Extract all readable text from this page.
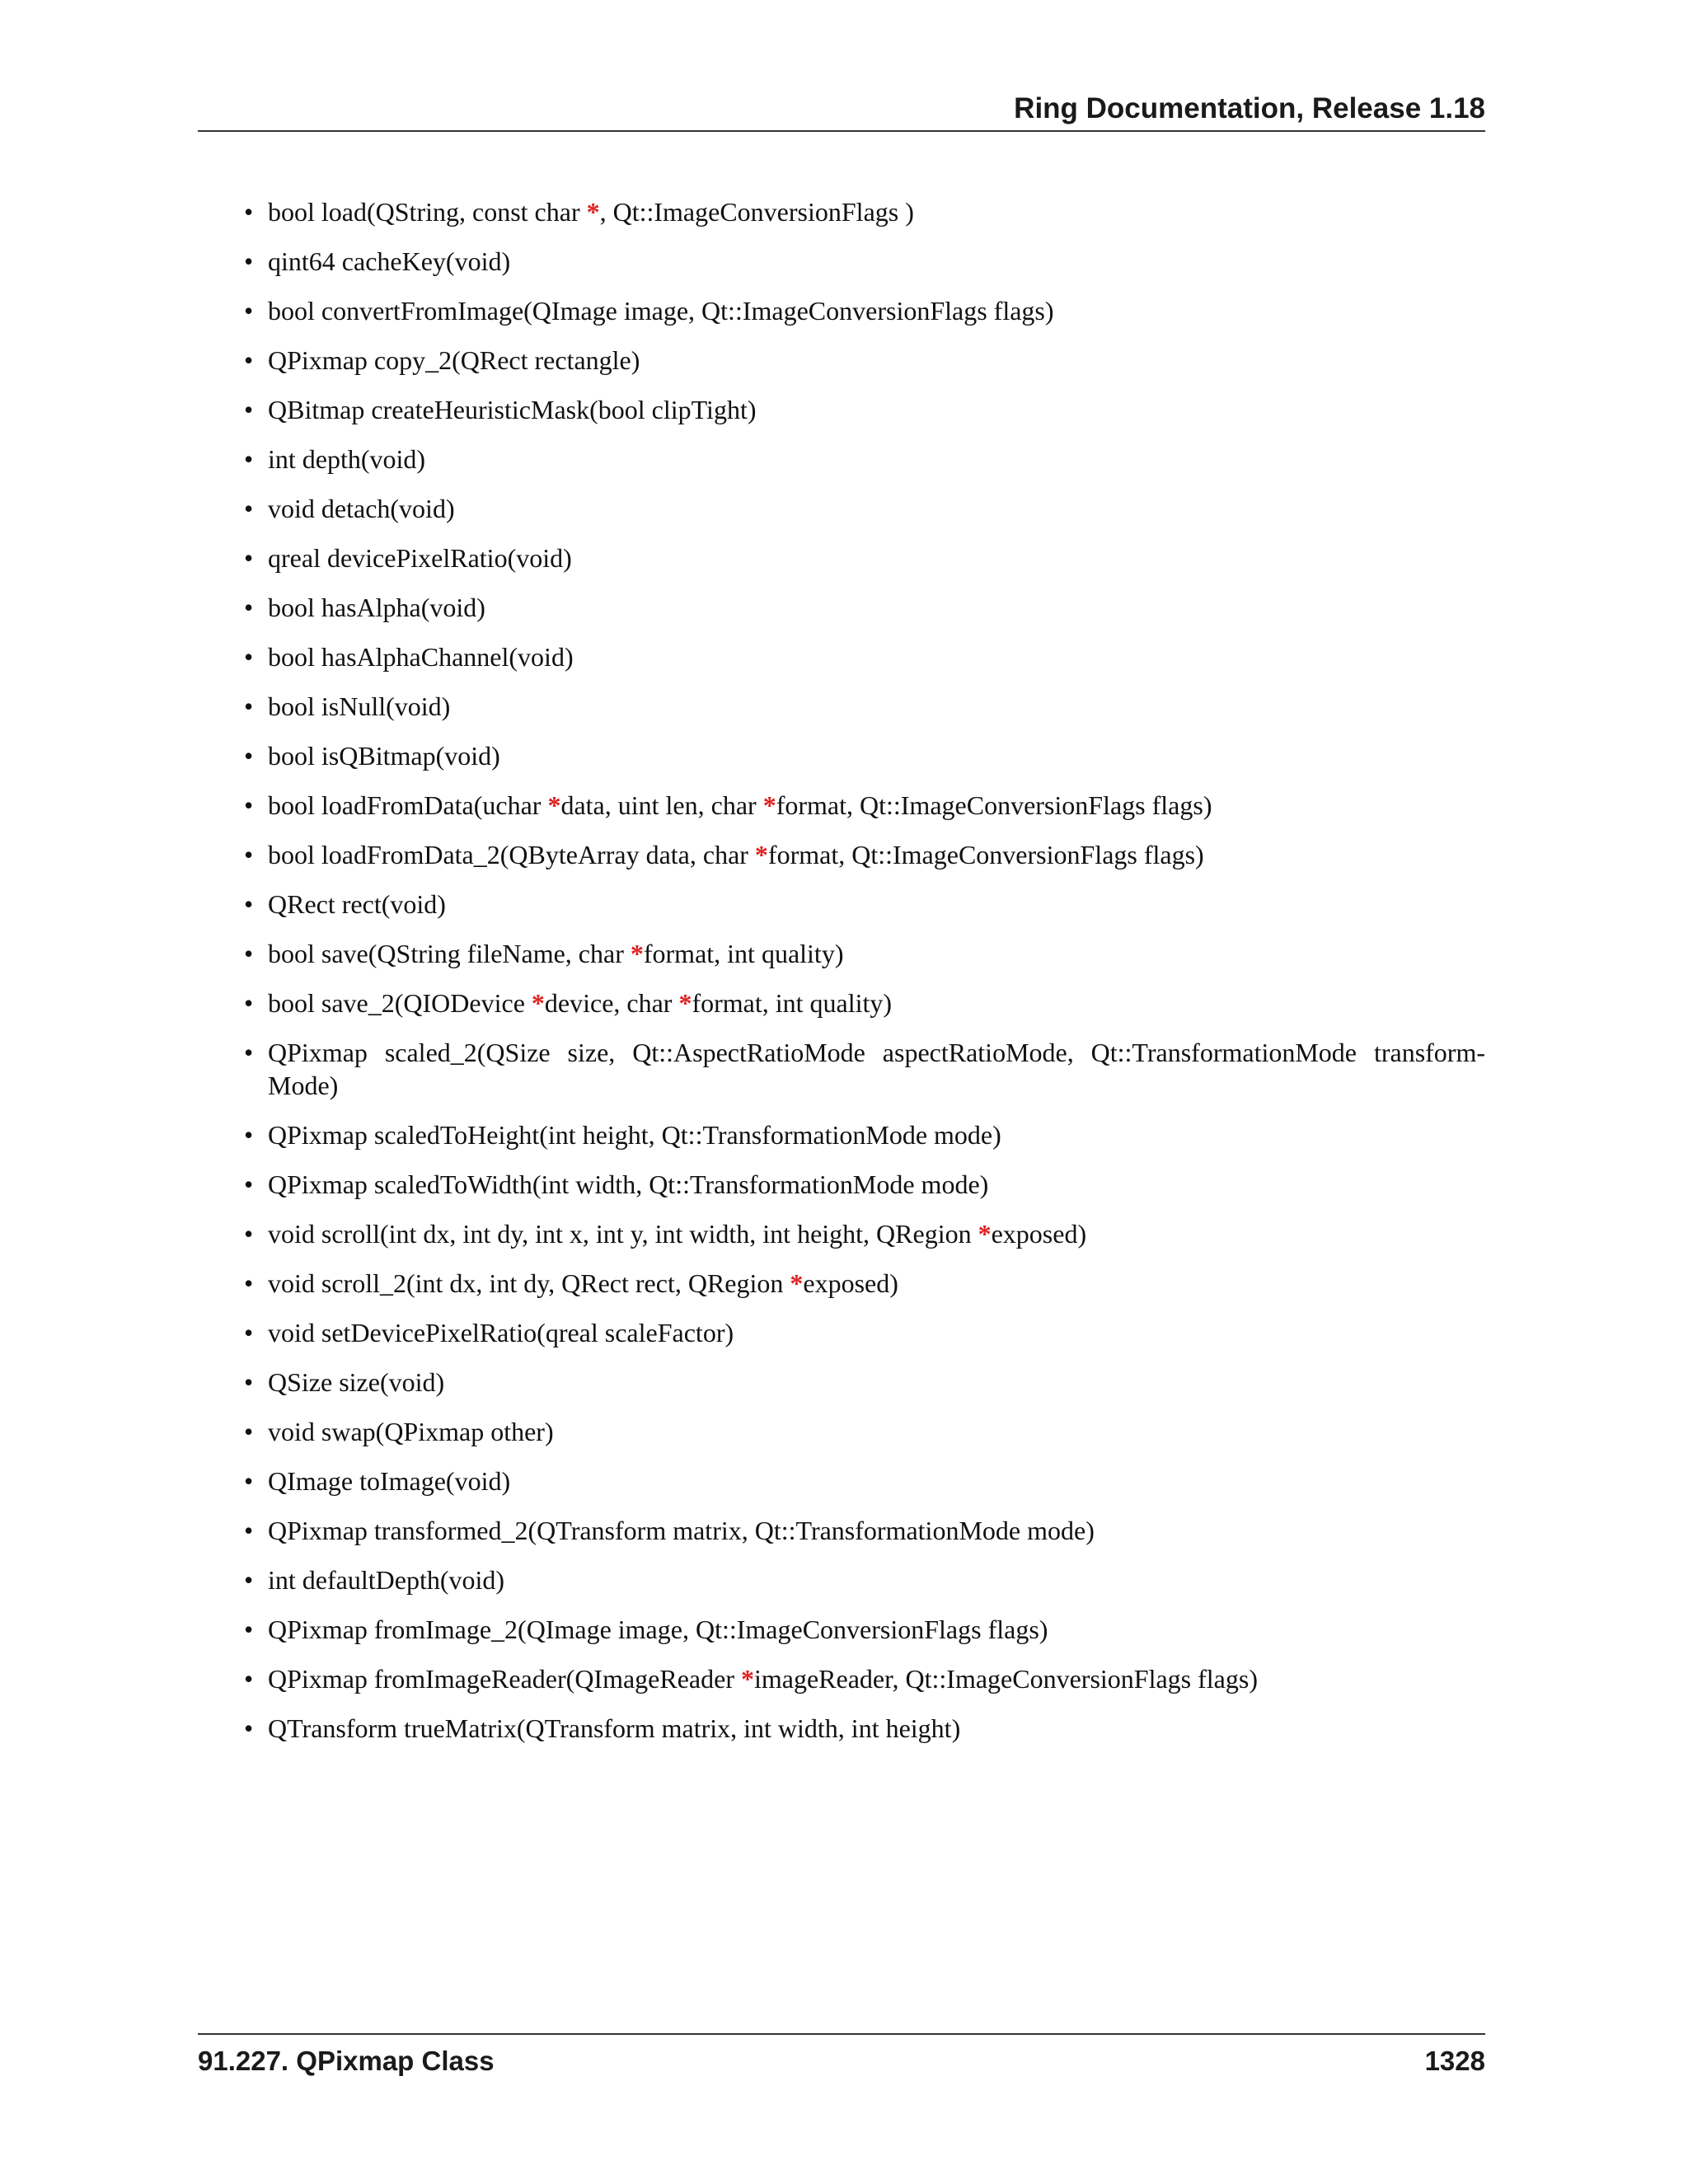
Ring Documentation, Release 1.18
• bool load(QString, const char *, Qt::ImageConversionFlags )
• qint64 cacheKey(void)
• bool convertFromImage(QImage image, Qt::ImageConversionFlags flags)
• QPixmap copy_2(QRect rectangle)
• QBitmap createHeuristicMask(bool clipTight)
• int depth(void)
• void detach(void)
• qreal devicePixelRatio(void)
• bool hasAlpha(void)
• bool hasAlphaChannel(void)
• bool isNull(void)
• bool isQBitmap(void)
• bool loadFromData(uchar *data, uint len, char *format, Qt::ImageConversionFlags flags)
• bool loadFromData_2(QByteArray data, char *format, Qt::ImageConversionFlags flags)
• QRect rect(void)
• bool save(QString fileName, char *format, int quality)
• bool save_2(QIODevice *device, char *format, int quality)
• QPixmap scaled_2(QSize size, Qt::AspectRatioMode aspectRatioMode, Qt::TransformationMode transform-Mode)
• QPixmap scaledToHeight(int height, Qt::TransformationMode mode)
• QPixmap scaledToWidth(int width, Qt::TransformationMode mode)
• void scroll(int dx, int dy, int x, int y, int width, int height, QRegion *exposed)
• void scroll_2(int dx, int dy, QRect rect, QRegion *exposed)
• void setDevicePixelRatio(qreal scaleFactor)
• QSize size(void)
• void swap(QPixmap other)
• QImage toImage(void)
• QPixmap transformed_2(QTransform matrix, Qt::TransformationMode mode)
• int defaultDepth(void)
• QPixmap fromImage_2(QImage image, Qt::ImageConversionFlags flags)
• QPixmap fromImageReader(QImageReader *imageReader, Qt::ImageConversionFlags flags)
• QTransform trueMatrix(QTransform matrix, int width, int height)
91.227. QPixmap Class	1328
